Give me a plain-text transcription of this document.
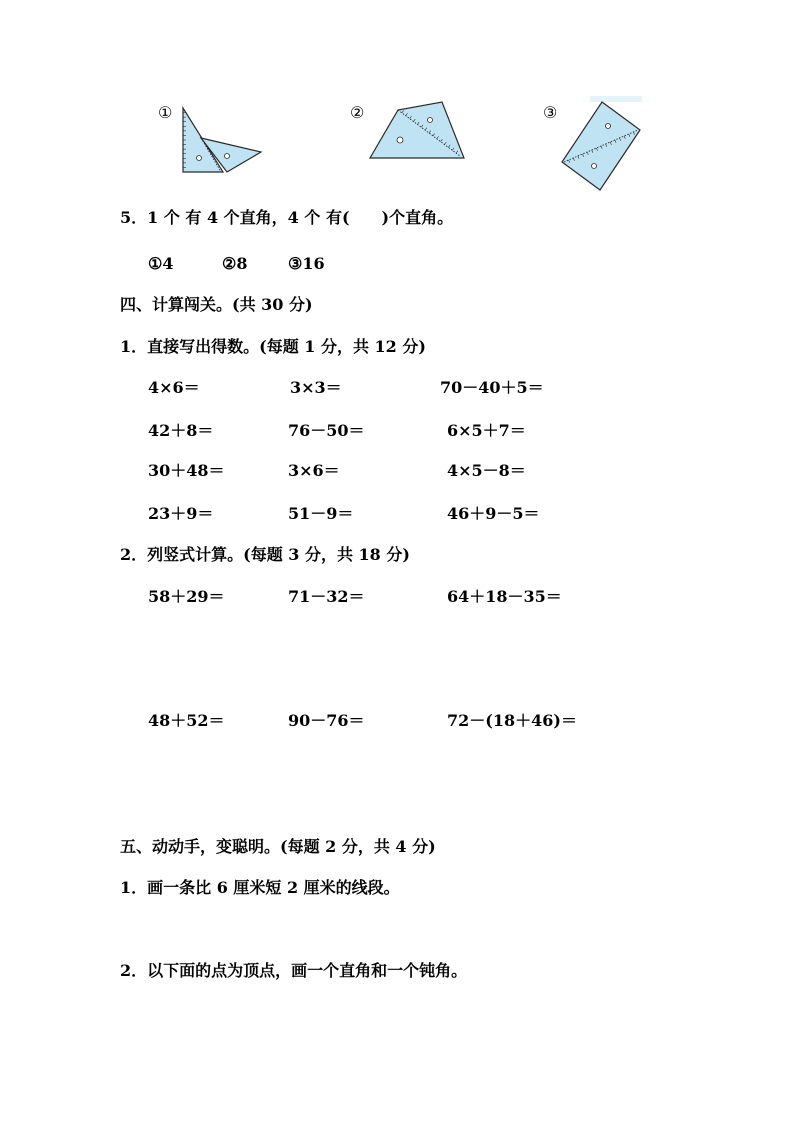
①	②	③
5．1 个 有 4 个直角，4 个 有(　　)个直角。
①4	②8	③16
四、计算闯关。(共 30 分)
1．直接写出得数。(每题 1 分，共 12 分)
4×6＝	3×3＝	70－40＋5＝
42＋8＝	76－50＝	6×5＋7＝
30＋48＝	3×6＝	4×5－8＝
23＋9＝	51－9＝	46＋9－5＝
2．列竖式计算。(每题 3 分，共 18 分)
58＋29＝	71－32＝	64＋18－35＝
48＋52＝	90－76＝	72－(18＋46)＝
五、动动手，变聪明。(每题 2 分，共 4 分)
1．画一条比 6 厘米短 2 厘米的线段。
2．以下面的点为顶点，画一个直角和一个钝角。
